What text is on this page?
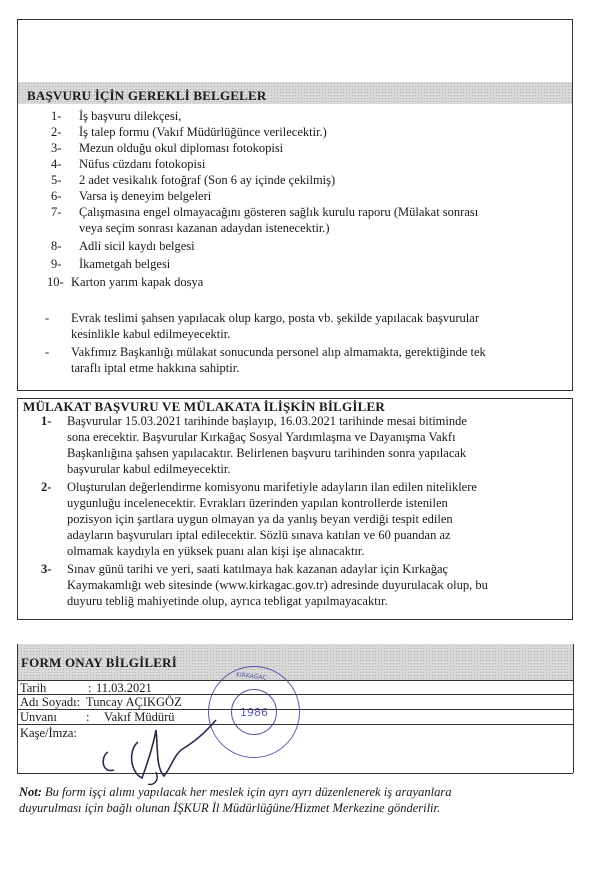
BAŞVURU İÇİN GEREKLİ BELGELER
1- İş başvuru dilekçesi,
2- İş talep formu (Vakıf Müdürlüğünce verilecektir.)
3- Mezun olduğu okul diploması fotokopisi
4- Nüfus cüzdanı fotokopisi
5- 2 adet vesikalık fotoğraf (Son 6 ay içinde çekilmiş)
6- Varsa iş deneyim belgeleri
7- Çalışmasına engel olmayacağını gösteren sağlık kurulu raporu (Mülakat sonrası
veya seçim sonrası kazanan adaydan istenecektir.)
8- Adli sicil kaydı belgesi
9- İkametgah belgesi
10- Karton yarım kapak dosya
- Evrak teslimi şahsen yapılacak olup kargo, posta vb. şekilde yapılacak başvurular
kesinlikle kabul edilmeyecektir.
- Vakfımız Başkanlığı mülakat sonucunda personel alıp almamakta, gerektiğinde tek
taraflı iptal etme hakkına sahiptir.
MÜLAKAT BAŞVURU VE MÜLAKATA İLİŞKİN BİLGİLER
1- Başvurular 15.03.2021 tarihinde başlayıp, 16.03.2021 tarihinde mesai bitiminde
sona erecektir. Başvurular Kırkağaç Sosyal Yardımlaşma ve Dayanışma Vakfı
Başkanlığına şahsen yapılacaktır. Belirlenen başvuru tarihinden sonra yapılacak
başvurular kabul edilmeyecektir.
2- Oluşturulan değerlendirme komisyonu marifetiyle adayların ilan edilen niteliklere
uygunluğu incelenecektir. Evrakları üzerinden yapılan kontrollerde istenilen
pozisyon için şartlara uygun olmayan ya da yanlış beyan verdiği tespit edilen
adayların başvuruları iptal edilecektir. Sözlü sınava katılan ve 60 puandan az
olmamak kaydıyla en yüksek puanı alan kişi işe alınacaktır.
3- Sınav günü tarihi ve yeri, saati katılmaya hak kazanan adaylar için Kırkağaç
Kaymakamlığı web sitesinde (www.kirkagac.gov.tr) adresinde duyurulacak olup, bu
duyuru tebliğ mahiyetinde olup, ayrıca tebligat yapılmayacaktır.
FORM ONAY BİLGİLERİ
Tarih	: 11.03.2021
Adı Soyadı: Tuncay AÇIKGÖZ
Unvanı : Vakıf Müdürü
Kaşe/İmza:
KIRKAĞAÇ
1986
Not: Bu form işçi alımı yapılacak her meslek için ayrı ayrı düzenlenerek iş arayanlara
duyurulması için bağlı olunan İŞKUR İl Müdürlüğüne/Hizmet Merkezine gönderilir.
